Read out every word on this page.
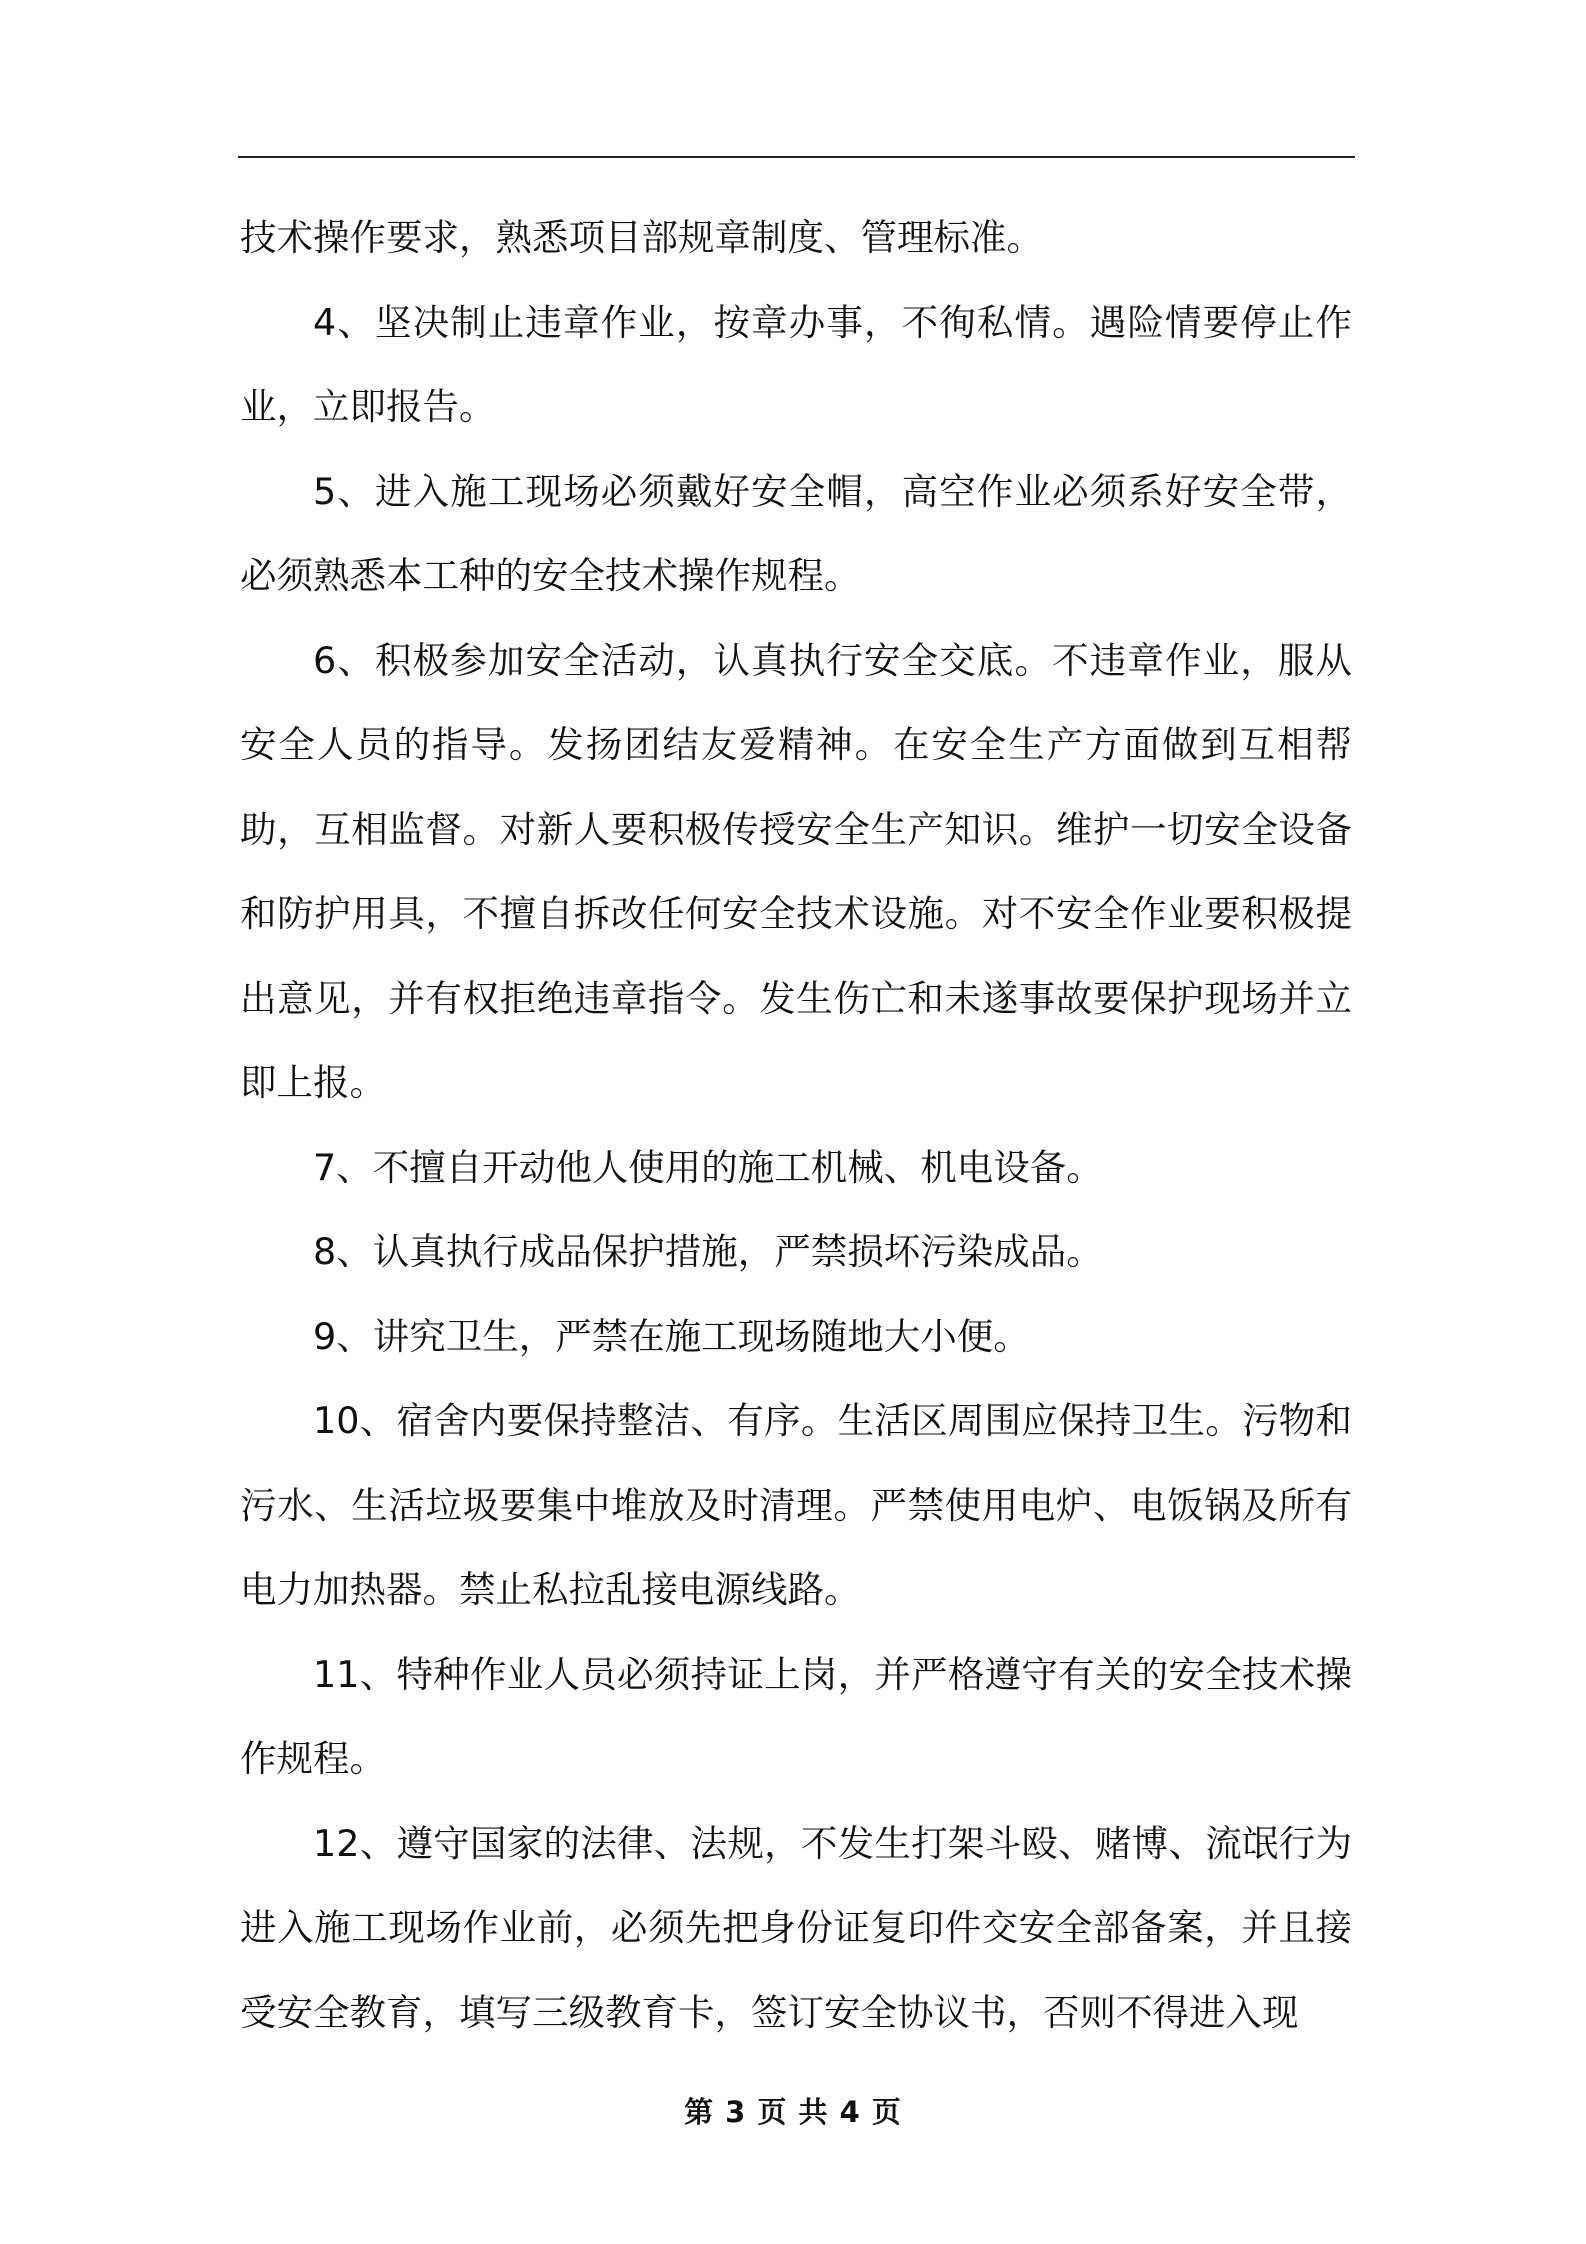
技术操作要求，熟悉项目部规章制度、管理标准。

4、坚决制止违章作业，按章办事，不徇私情。遇险情要停止作业，立即报告。

5、进入施工现场必须戴好安全帽，高空作业必须系好安全带，必须熟悉本工种的安全技术操作规程。

6、积极参加安全活动，认真执行安全交底。不违章作业，服从安全人员的指导。发扬团结友爱精神。在安全生产方面做到互相帮助，互相监督。对新人要积极传授安全生产知识。维护一切安全设备和防护用具，不擅自拆改任何安全技术设施。对不安全作业要积极提出意见，并有权拒绝违章指令。发生伤亡和未遂事故要保护现场并立即上报。

7、不擅自开动他人使用的施工机械、机电设备。

8、认真执行成品保护措施，严禁损坏污染成品。

9、讲究卫生，严禁在施工现场随地大小便。

10、宿舍内要保持整洁、有序。生活区周围应保持卫生。污物和污水、生活垃圾要集中堆放及时清理。严禁使用电炉、电饭锅及所有电力加热器。禁止私拉乱接电源线路。

11、特种作业人员必须持证上岗，并严格遵守有关的安全技术操作规程。

12、遵守国家的法律、法规，不发生打架斗殴、赌博、流氓行为进入施工现场作业前，必须先把身份证复印件交安全部备案，并且接受安全教育，填写三级教育卡，签订安全协议书，否则不得进入现

第 3 页 共 4 页
